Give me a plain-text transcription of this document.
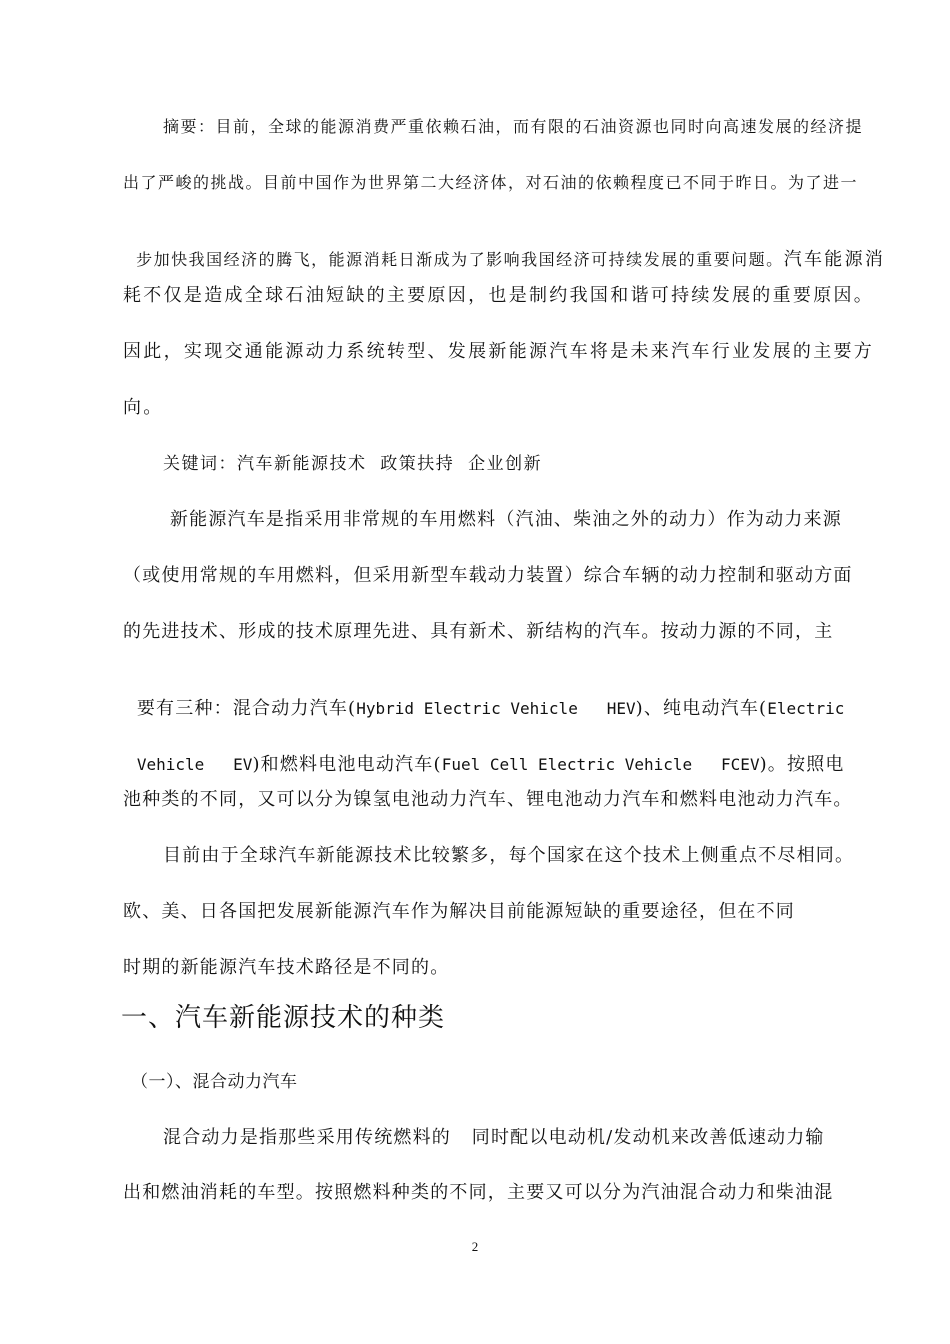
摘要：目前，全球的能源消费严重依赖石油，而有限的石油资源也同时向高速发展的经济提

出了严峻的挑战。目前中国作为世界第二大经济体，对石油的依赖程度已不同于昨日。为了进一

步加快我国经济的腾飞，能源消耗日渐成为了影响我国经济可持续发展的重要问题。汽车能源消

耗不仅是造成全球石油短缺的主要原因，也是制约我国和谐可持续发展的重要原因。

因此，实现交通能源动力系统转型、发展新能源汽车将是未来汽车行业发展的主要方

向。

关键词：汽车新能源技术  政策扶持  企业创新

新能源汽车是指采用非常规的车用燃料（汽油、柴油之外的动力）作为动力来源

（或使用常规的车用燃料，但采用新型车载动力装置）综合车辆的动力控制和驱动方面

的先进技术、形成的技术原理先进、具有新术、新结构的汽车。按动力源的不同，主

要有三种：混合动力汽车(Hybrid Electric Vehicle   HEV)、纯电动汽车(Electric

Vehicle   EV)和燃料电池电动汽车(Fuel Cell Electric Vehicle   FCEV)。按照电

池种类的不同，又可以分为镍氢电池动力汽车、锂电池动力汽车和燃料电池动力汽车。

目前由于全球汽车新能源技术比较繁多，每个国家在这个技术上侧重点不尽相同。

欧、美、日各国把发展新能源汽车作为解决目前能源短缺的重要途径，但在不同

时期的新能源汽车技术路径是不同的。

一、汽车新能源技术的种类
（一）、混合动力汽车

混合动力是指那些采用传统燃料的   同时配以电动机/发动机来改善低速动力输

出和燃油消耗的车型。按照燃料种类的不同，主要又可以分为汽油混合动力和柴油混

2
